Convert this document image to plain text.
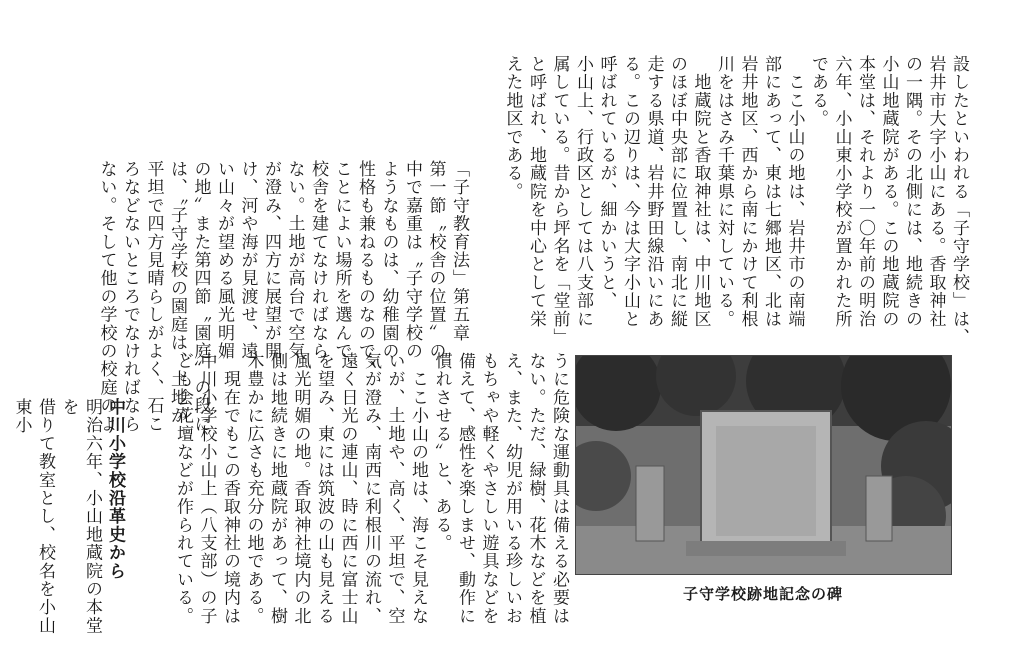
設したといわれる「子守学校」は、
岩井市大字小山にある。香取神社
の一隅。その北側には、地続きの
小山地蔵院がある。この地蔵院の
本堂は、それより一〇年前の明治
六年、小山東小学校が置かれた所
である。
　ここ小山の地は、岩井市の南端
部にあって、東は七郷地区、北は
岩井地区、西から南にかけて利根
川をはさみ千葉県に対している。
　地蔵院と香取神社は、中川地区
のほぼ中央部に位置し、南北に縦
走する県道、岩井野田線沿いにあ
る。この辺りは、今は大字小山と
呼ばれているが、細かいうと、
小山上、行政区としては八支部に
属している。昔から坪名を「堂前」
と呼ばれ、地蔵院を中心として栄
えた地区である。
「子守教育法」第五章
第一節〝校舎の位置〟の
中で嘉重は〝子守学校の
ようなものは、幼稚園の
性格も兼ねるものなので、
ことによい場所を選んで
校舎を建てなければなら
ない。土地が高台で空気
が澄み、四方に展望が開
け、河や海が見渡せ、遠
い山々が望める風光明媚
の地〟また第四節〝園庭〟の段に
は、〝子守学校の園庭は、土地が
平坦で四方見晴らしがよく、石こ
ろなどないところでなければなら
ない。そして他の学校の校庭のよ
うに危険な運動具は備える必要は
ない。ただ、緑樹、花木などを植
え、また、幼児が用いる珍しいお
もちゃや軽くやさしい遊具などを
備えて、感性を楽しませ、動作に
慣れさせる〟と、ある。
　ここ小山の地は、海こそ見えな
いが、土地や、高く、平坦で、空
気が澄み、南西に利根川の流れ、
遠く日光の連山、時に西に富士山
を望み、東には筑波の山も見える
風光明媚の地。香取神社境内の北
側は地続きに地蔵院があって、樹
木豊かに広さも充分の地である。
　現在でもこの香取神社の境内は
中川小学校小山上（八支部）の子
ども会花壇などが作られている。
中川小学校沿革史から
明治六年、小山地蔵院の本堂を
借りて教室とし、校名を小山東小
子守学校跡地記念の碑
